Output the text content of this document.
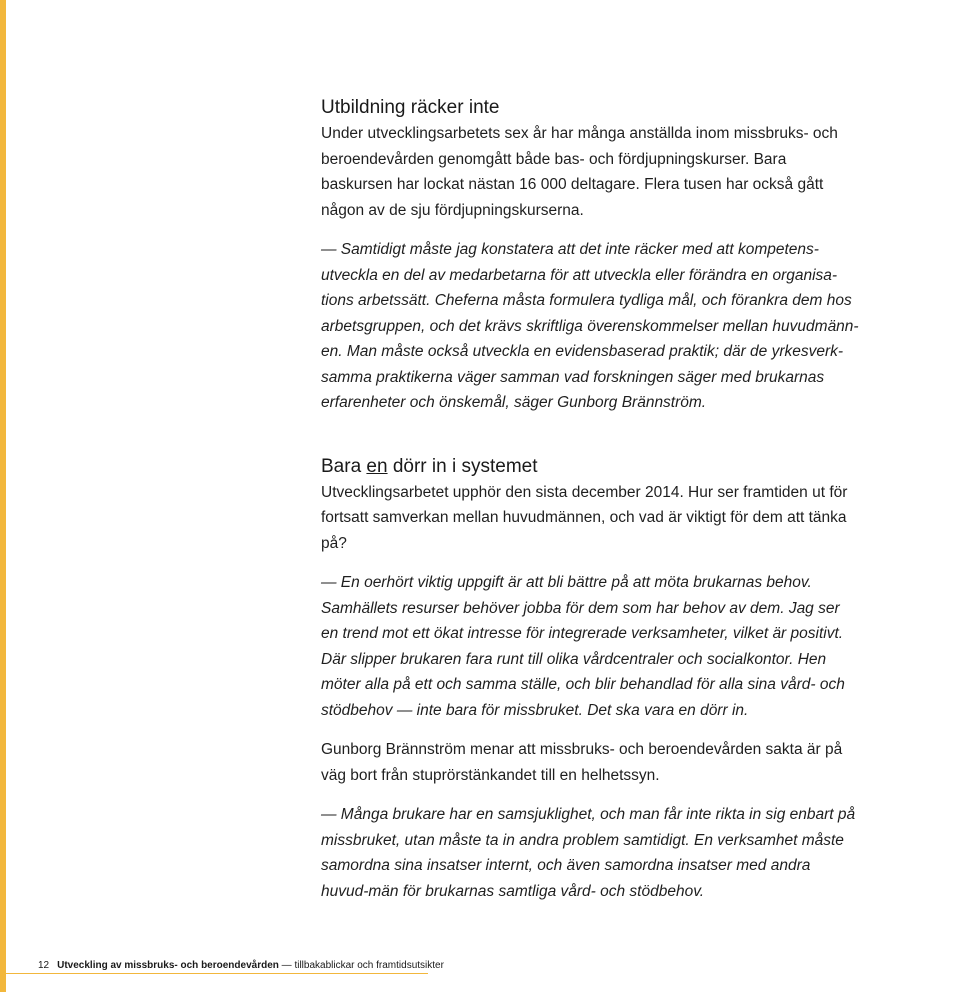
Utbildning räcker inte

Under utvecklingsarbetets sex år har många anställda inom missbruks- och beroendevården genomgått både bas- och fördjupningskurser. Bara baskursen har lockat nästan 16 000 deltagare. Flera tusen har också gått någon av de sju fördjupningskurserna.

— Samtidigt måste jag konstatera att det inte räcker med att kompetens-utveckla en del av medarbetarna för att utveckla eller förändra en organisa-tions arbetssätt. Cheferna måsta formulera tydliga mål, och förankra dem hos arbetsgruppen, och det krävs skriftliga överenskommelser mellan huvudmänn-en. Man måste också utveckla en evidensbaserad praktik; där de yrkesverk-samma praktikerna väger samman vad forskningen säger med brukarnas erfarenheter och önskemål, säger Gunborg Brännström.

Bara en dörr in i systemet

Utvecklingsarbetet upphör den sista december 2014. Hur ser framtiden ut för fortsatt samverkan mellan huvudmännen, och vad är viktigt för dem att tänka på?

— En oerhört viktig uppgift är att bli bättre på att möta brukarnas behov. Samhällets resurser behöver jobba för dem som har behov av dem. Jag ser en trend mot ett ökat intresse för integrerade verksamheter, vilket är positivt. Där slipper brukaren fara runt till olika vårdcentraler och socialkontor. Hen möter alla på ett och samma ställe, och blir behandlad för alla sina vård- och stödbehov — inte bara för missbruket. Det ska vara en dörr in.

Gunborg Brännström menar att missbruks- och beroendevården sakta är på väg bort från stuprörstänkandet till en helhetssyn.

— Många brukare har en samsjuklighet, och man får inte rikta in sig enbart på missbruket, utan måste ta in andra problem samtidigt. En verksamhet måste samordna sina insatser internt, och även samordna insatser med andra huvud-män för brukarnas samtliga vård- och stödbehov.

12 Utveckling av missbruks- och beroendevården — tillbakablickar och framtidsutsikter
